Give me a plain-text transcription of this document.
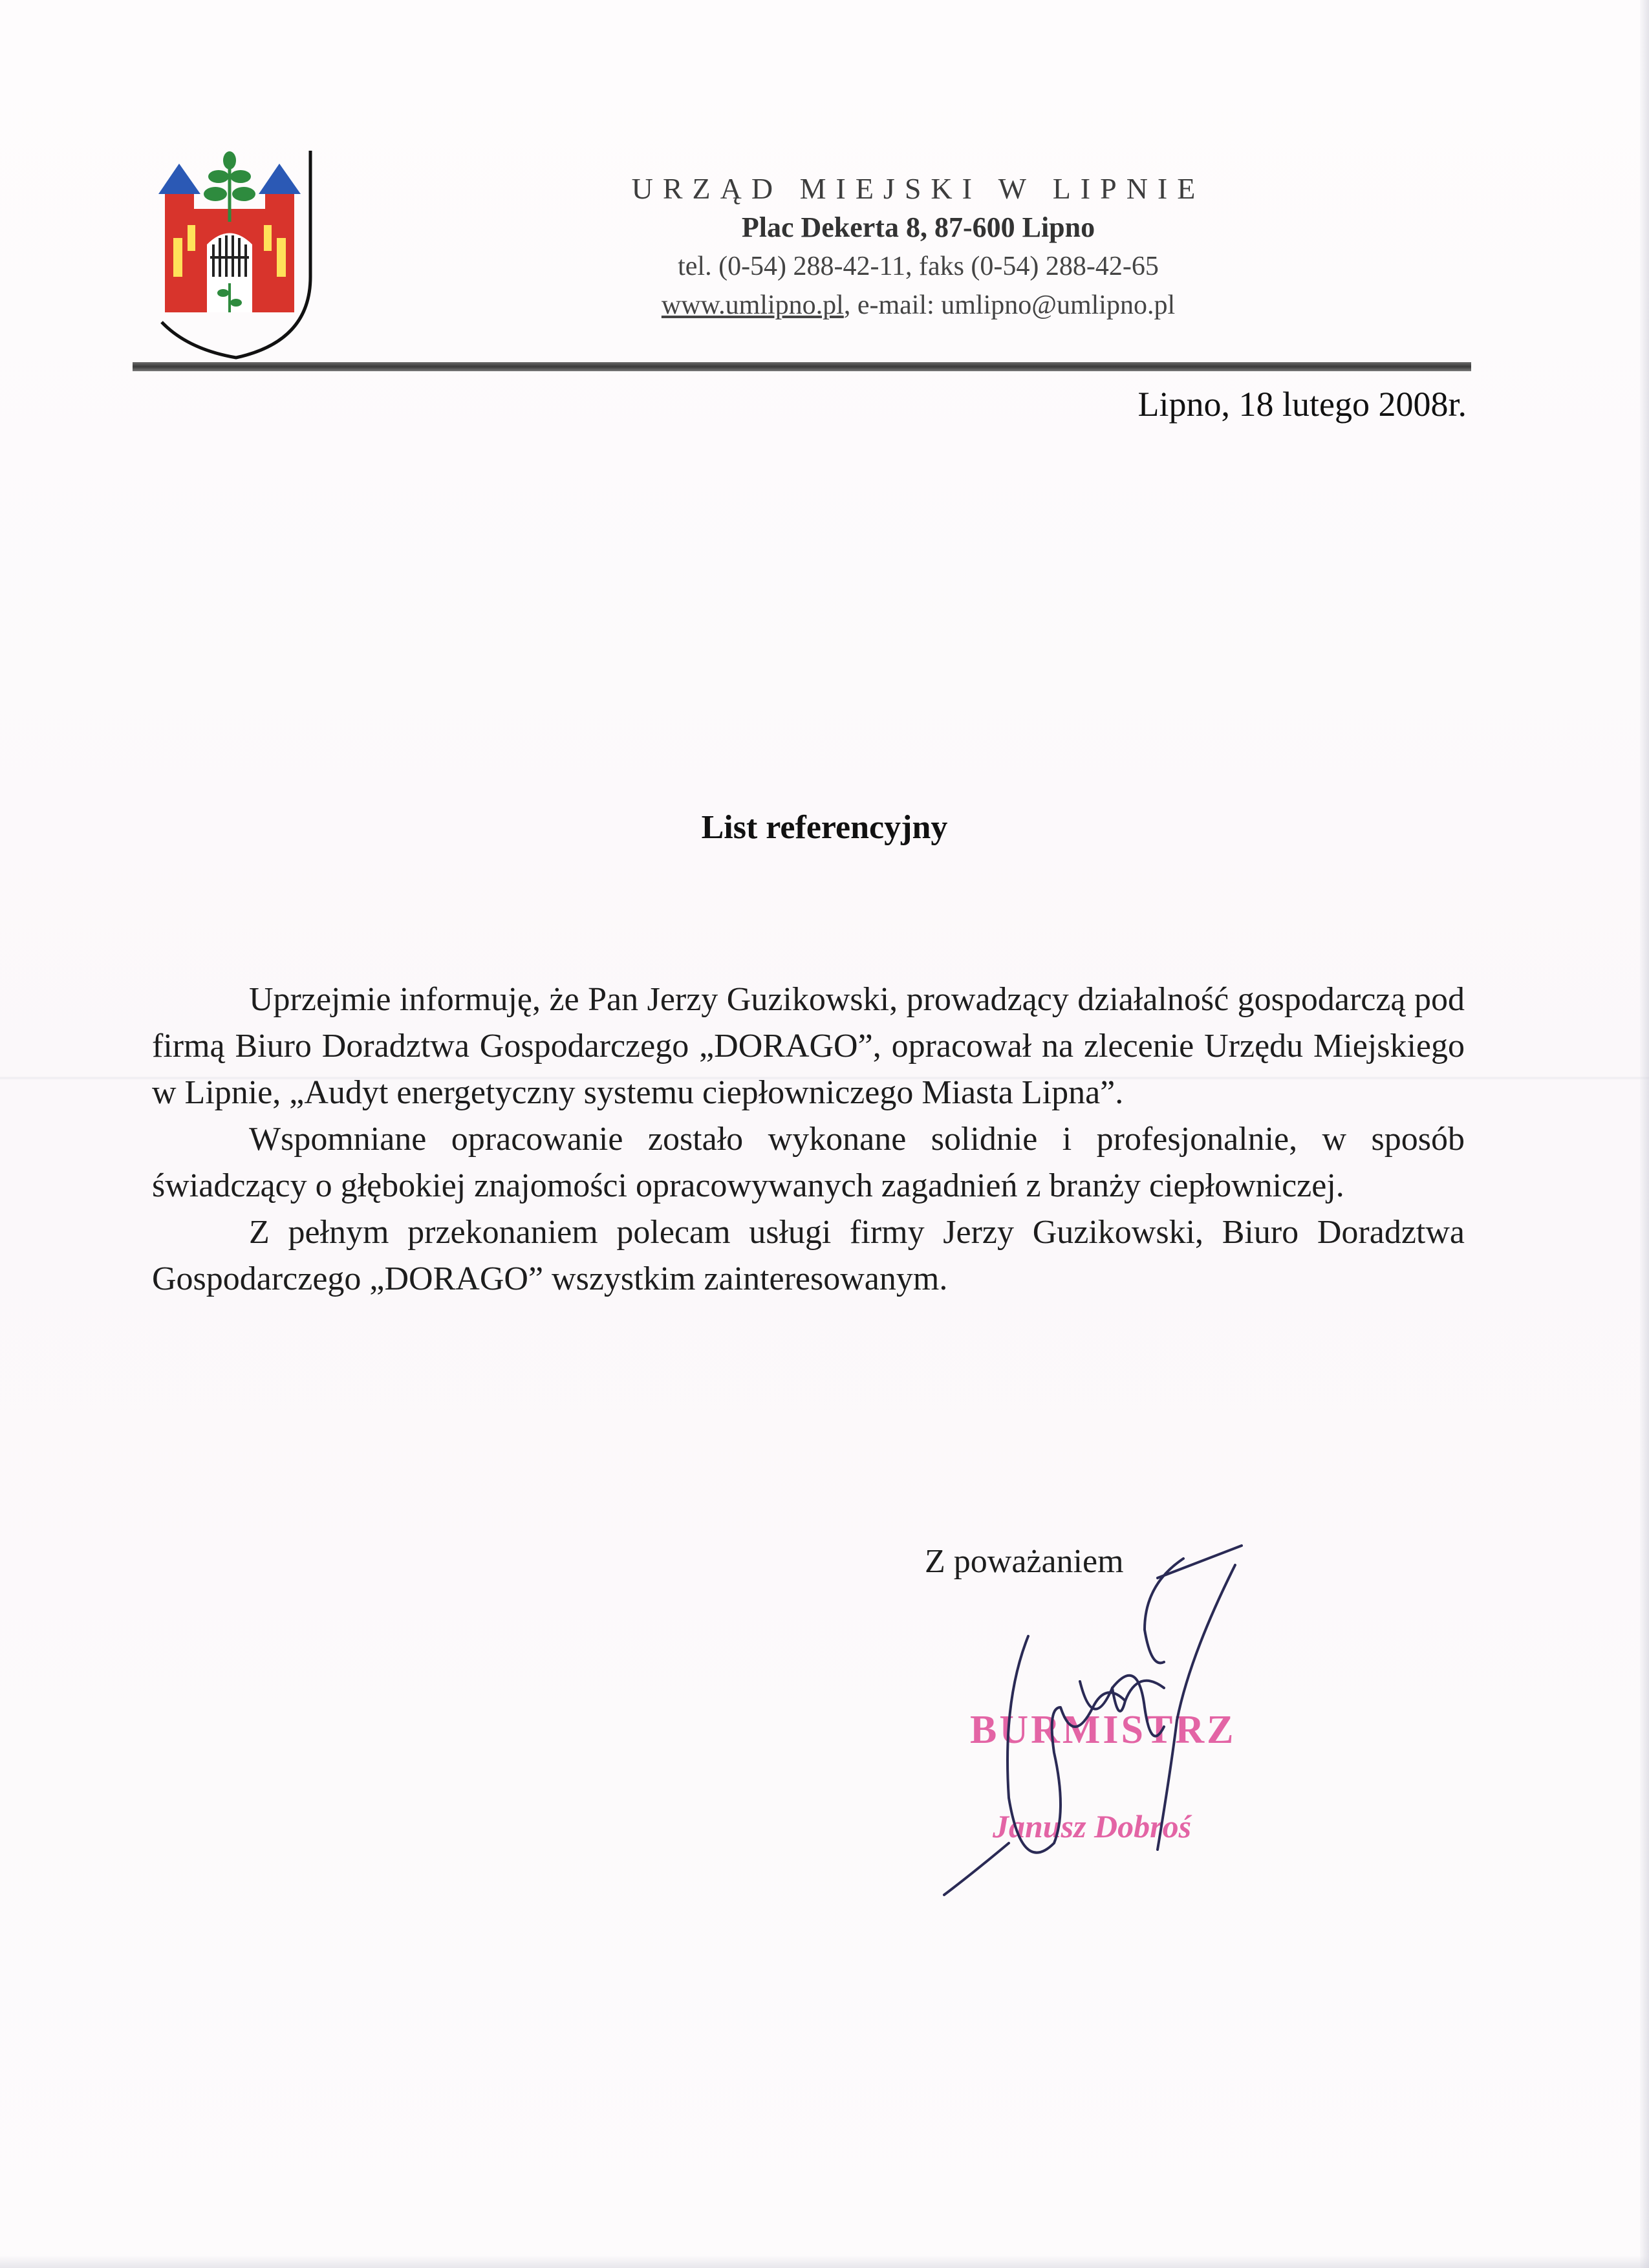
URZĄD MIEJSKI W LIPNIE
Plac Dekerta 8, 87-600 Lipno
tel. (0-54) 288-42-11, faks (0-54) 288-42-65
www.umlipno.pl, e-mail: umlipno@umlipno.pl
Lipno, 18 lutego 2008r.
List referencyjny

Uprzejmie informuję, że Pan Jerzy Guzikowski, prowadzący działalność gospodarczą pod firmą Biuro Doradztwa Gospodarczego „DORAGO”, opracował na zlecenie Urzędu Miejskiego w Lipnie, „Audyt energetyczny systemu ciepłowniczego Miasta Lipna”.

Wspomniane opracowanie zostało wykonane solidnie i profesjonalnie, w sposób świadczący o głębokiej znajomości opracowywanych zagadnień z branży ciepłowniczej.

Z pełnym przekonaniem polecam usługi firmy Jerzy Guzikowski, Biuro Doradztwa Gospodarczego „DORAGO” wszystkim zainteresowanym.

Z poważaniem
BURMISTRZ
Janusz Dobroś
